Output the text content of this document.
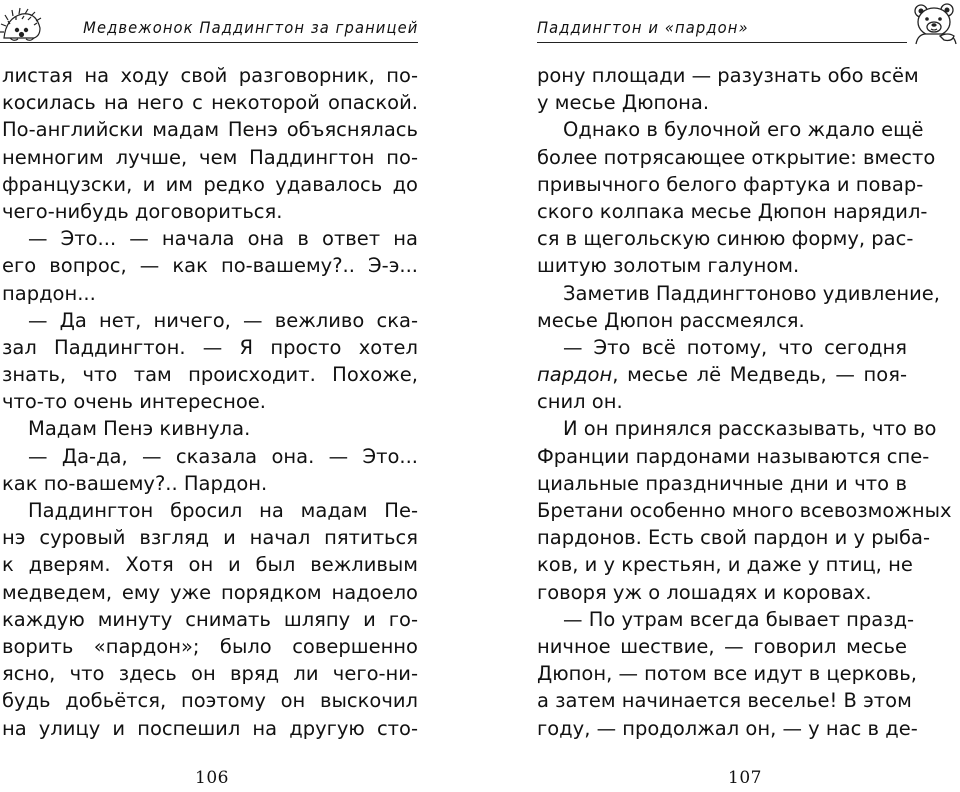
Медвежонок Паддингтон за границей
листая на ходу свой разговорник, по-
косилась на него с некоторой опаской.
По-английски мадам Пенэ объяснялась
немногим лучше, чем Паддингтон по-
французски, и им редко удавалось до
чего-нибудь договориться.
— Это... — начала она в ответ на
его вопрос, — как по-вашему?.. Э-э...
пардон...
— Да нет, ничего, — вежливо ска-
зал Паддингтон. — Я просто хотел
знать, что там происходит. Похоже,
что-то очень интересное.
Мадам Пенэ кивнула.
— Да-да, — сказала она. — Это...
как по-вашему?.. Пардон.
Паддингтон бросил на мадам Пе-
нэ суровый взгляд и начал пятиться
к дверям. Хотя он и был вежливым
медведем, ему уже порядком надоело
каждую минуту снимать шляпу и го-
ворить «пардон»; было совершенно
ясно, что здесь он вряд ли чего-ни-
будь добьётся, поэтому он выскочил
на улицу и поспешил на другую сто-
106
Паддингтон и «пардон»
рону площади — разузнать обо всём
у месье Дюпона.
Однако в булочной его ждало ещё
более потрясающее открытие: вместо
привычного белого фартука и повар-
ского колпака месье Дюпон нарядил-
ся в щегольскую синюю форму, рас-
шитую золотым галуном.
Заметив Паддингтоново удивление,
месье Дюпон рассмеялся.
— Это всё потому, что сегодня
пардон, месье лё Медведь, — поя-
снил он.
И он принялся рассказывать, что во
Франции пардонами называются спе-
циальные праздничные дни и что в
Бретани особенно много всевозможных
пардонов. Есть свой пардон и у рыба-
ков, и у крестьян, и даже у птиц, не
говоря уж о лошадях и коровах.
— По утрам всегда бывает празд-
ничное шествие, — говорил месье
Дюпон, — потом все идут в церковь,
а затем начинается веселье! В этом
году, — продолжал он, — у нас в де-
107
